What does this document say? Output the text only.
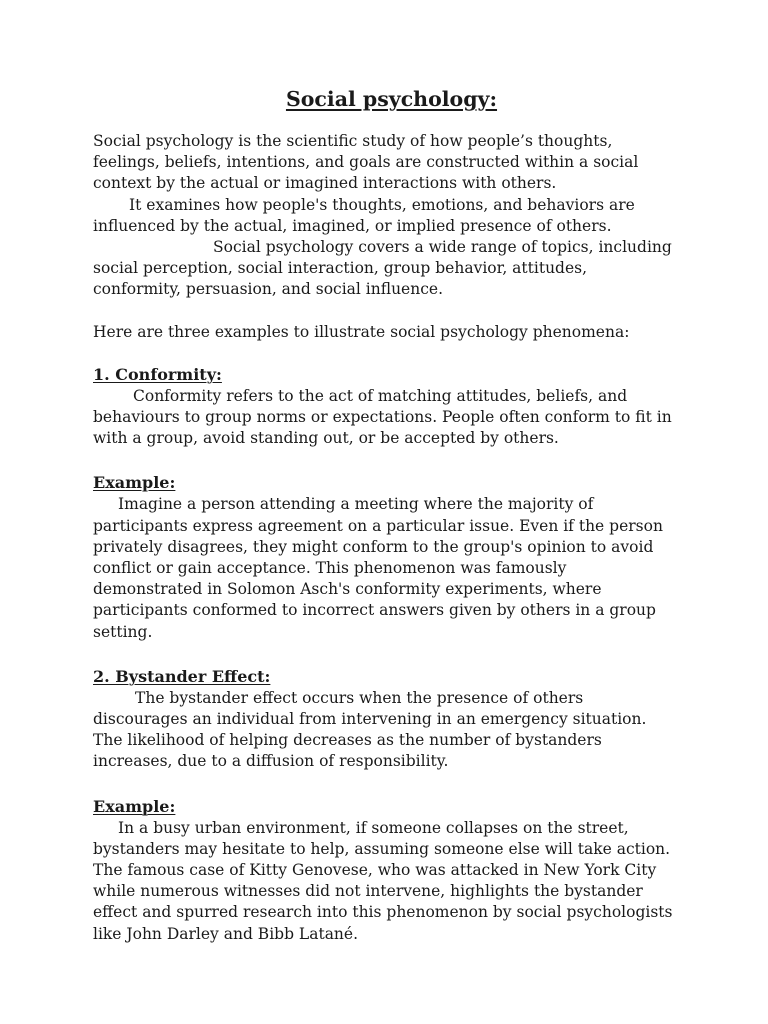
Social psychology:

Social psychology is the scientific study of how people’s thoughts, feelings, beliefs, intentions, and goals are constructed within a social context by the actual or imagined interactions with others.

It examines how people's thoughts, emotions, and behaviors are influenced by the actual, imagined, or implied presence of others.

Social psychology covers a wide range of topics, including social perception, social interaction, group behavior, attitudes, conformity, persuasion, and social influence.

Here are three examples to illustrate social psychology phenomena:

1. Conformity:

Conformity refers to the act of matching attitudes, beliefs, and behaviours to group norms or expectations. People often conform to fit in with a group, avoid standing out, or be accepted by others.

Example:

Imagine a person attending a meeting where the majority of participants express agreement on a particular issue. Even if the person privately disagrees, they might conform to the group's opinion to avoid conflict or gain acceptance. This phenomenon was famously demonstrated in Solomon Asch's conformity experiments, where participants conformed to incorrect answers given by others in a group setting.

2. Bystander Effect:

The bystander effect occurs when the presence of others discourages an individual from intervening in an emergency situation. The likelihood of helping decreases as the number of bystanders increases, due to a diffusion of responsibility.

Example:

In a busy urban environment, if someone collapses on the street, bystanders may hesitate to help, assuming someone else will take action. The famous case of Kitty Genovese, who was attacked in New York City while numerous witnesses did not intervene, highlights the bystander effect and spurred research into this phenomenon by social psychologists like John Darley and Bibb Latané.
